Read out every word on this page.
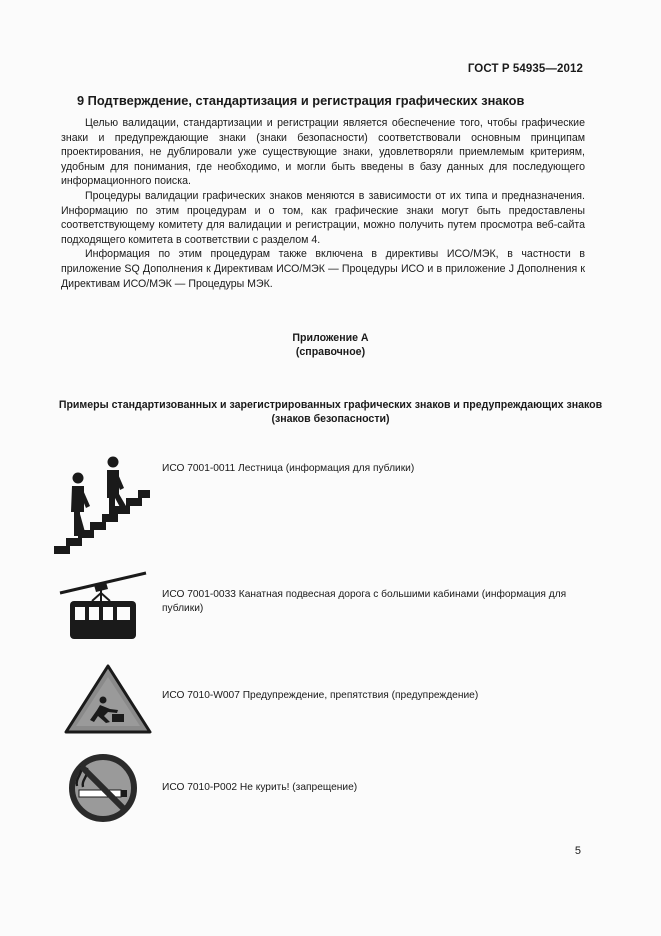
ГОСТ Р 54935—2012
9 Подтверждение, стандартизация и регистрация графических знаков

Целью валидации, стандартизации и регистрации является обеспечение того, чтобы графические знаки и предупреждающие знаки (знаки безопасности) соответствовали основным принципам проектирования, не дублировали уже существующие знаки, удовлетворяли приемлемым критериям, удобным для понимания, где необходимо, и могли быть введены в базу данных для последующего информационного поиска.

Процедуры валидации графических знаков меняются в зависимости от их типа и предназначения. Информацию по этим процедурам и о том, как графические знаки могут быть предоставлены соответствующему комитету для валидации и регистрации, можно получить путем просмотра веб-сайта подходящего комитета в соответствии с разделом 4.

Информация по этим процедурам также включена в директивы ИСО/МЭК, в частности в приложение SQ Дополнения к Директивам ИСО/МЭК — Процедуры ИСО и в приложение J Дополнения к Директивам ИСО/МЭК — Процедуры МЭК.

Приложение А
(справочное)
Примеры стандартизованных и зарегистрированных графических знаков и предупреждающих знаков (знаков безопасности)
ИСО 7001-0011 Лестница (информация для публики)
ИСО 7001-0033 Канатная подвесная дорога с большими кабинами (информация для публики)
ИСО 7010-W007 Предупреждение, препятствия (предупреждение)
ИСО 7010-P002 Не курить! (запрещение)
5
